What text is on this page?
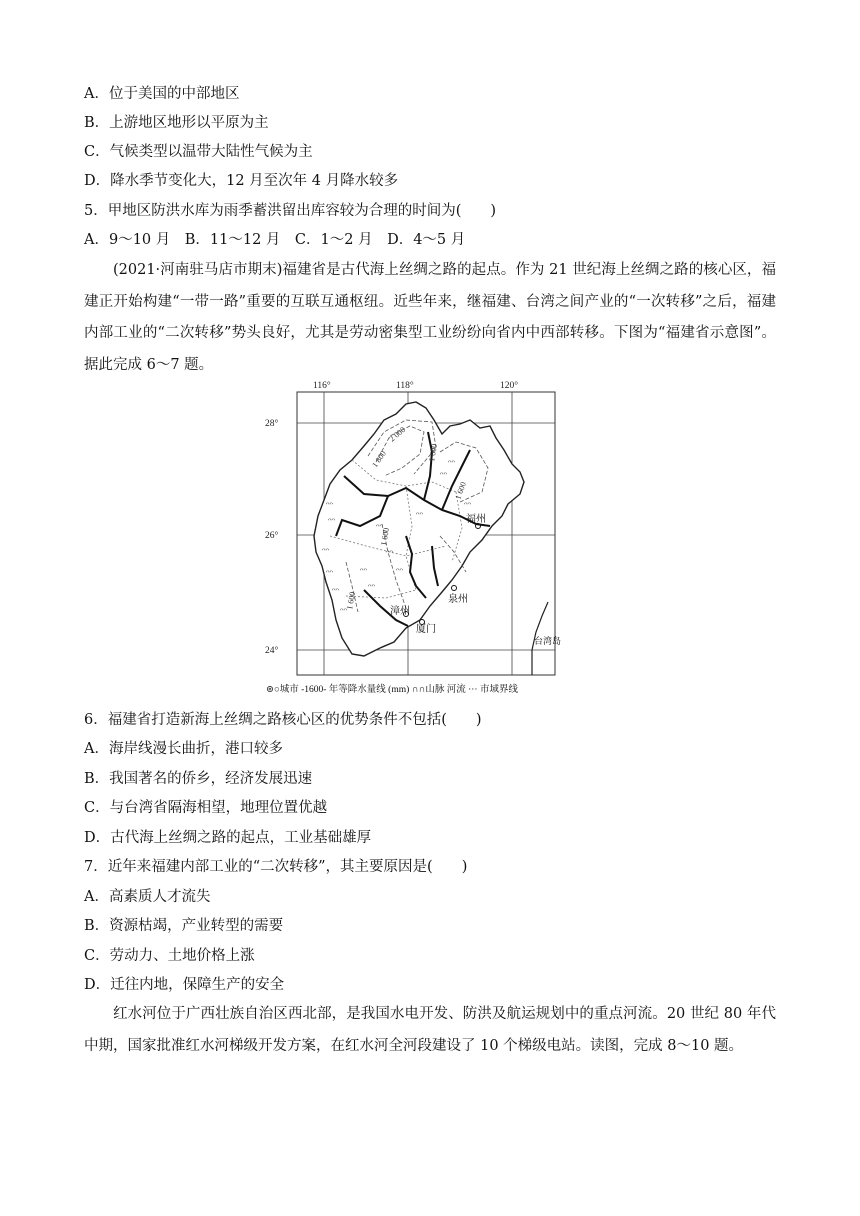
A．位于美国的中部地区
B．上游地区地形以平原为主
C．气候类型以温带大陆性气候为主
D．降水季节变化大，12 月至次年 4 月降水较多
5．甲地区防洪水库为雨季蓄洪留出库容较为合理的时间为(　　)
A．9～10 月　B．11～12 月　C．1～2 月　D．4～5 月
(2021·河南驻马店市期末)福建省是古代海上丝绸之路的起点。作为 21 世纪海上丝绸之路的核心区，福建正开始构建“一带一路”重要的互联互通枢纽。近些年来，继福建、台湾之间产业的“一次转移”之后，福建内部工业的“二次转移”势头良好，尤其是劳动密集型工业纷纷向省内中西部转移。下图为“福建省示意图”。据此完成 6～7 题。
116°	118°	120°
28°
26°
24°
2 000
1 800	1 600
1 600
1 600
1 600
ᴖᴖ
ᴖᴖ
ᴖᴖ
ᴖᴖ
ᴖᴖ
ᴖᴖ
ᴖᴖ
ᴖᴖ
ᴖᴖ
ᴖᴖ
ᴖᴖ
ᴖᴖ
ᴖᴖ
ᴖᴖ
ᴖᴖ
福州
泉州
漳州
厦门
台湾岛
⊚○城市 -1600- 年等降水量线 (mm) ∩∩山脉 河流 ··· 市域界线
6．福建省打造新海上丝绸之路核心区的优势条件不包括(　　)
A．海岸线漫长曲折，港口较多
B．我国著名的侨乡，经济发展迅速
C．与台湾省隔海相望，地理位置优越
D．古代海上丝绸之路的起点，工业基础雄厚
7．近年来福建内部工业的“二次转移”，其主要原因是(　　)
A．高素质人才流失
B．资源枯竭，产业转型的需要
C．劳动力、土地价格上涨
D．迁往内地，保障生产的安全
红水河位于广西壮族自治区西北部，是我国水电开发、防洪及航运规划中的重点河流。20 世纪 80 年代中期，国家批准红水河梯级开发方案，在红水河全河段建设了 10 个梯级电站。读图，完成 8～10 题。
